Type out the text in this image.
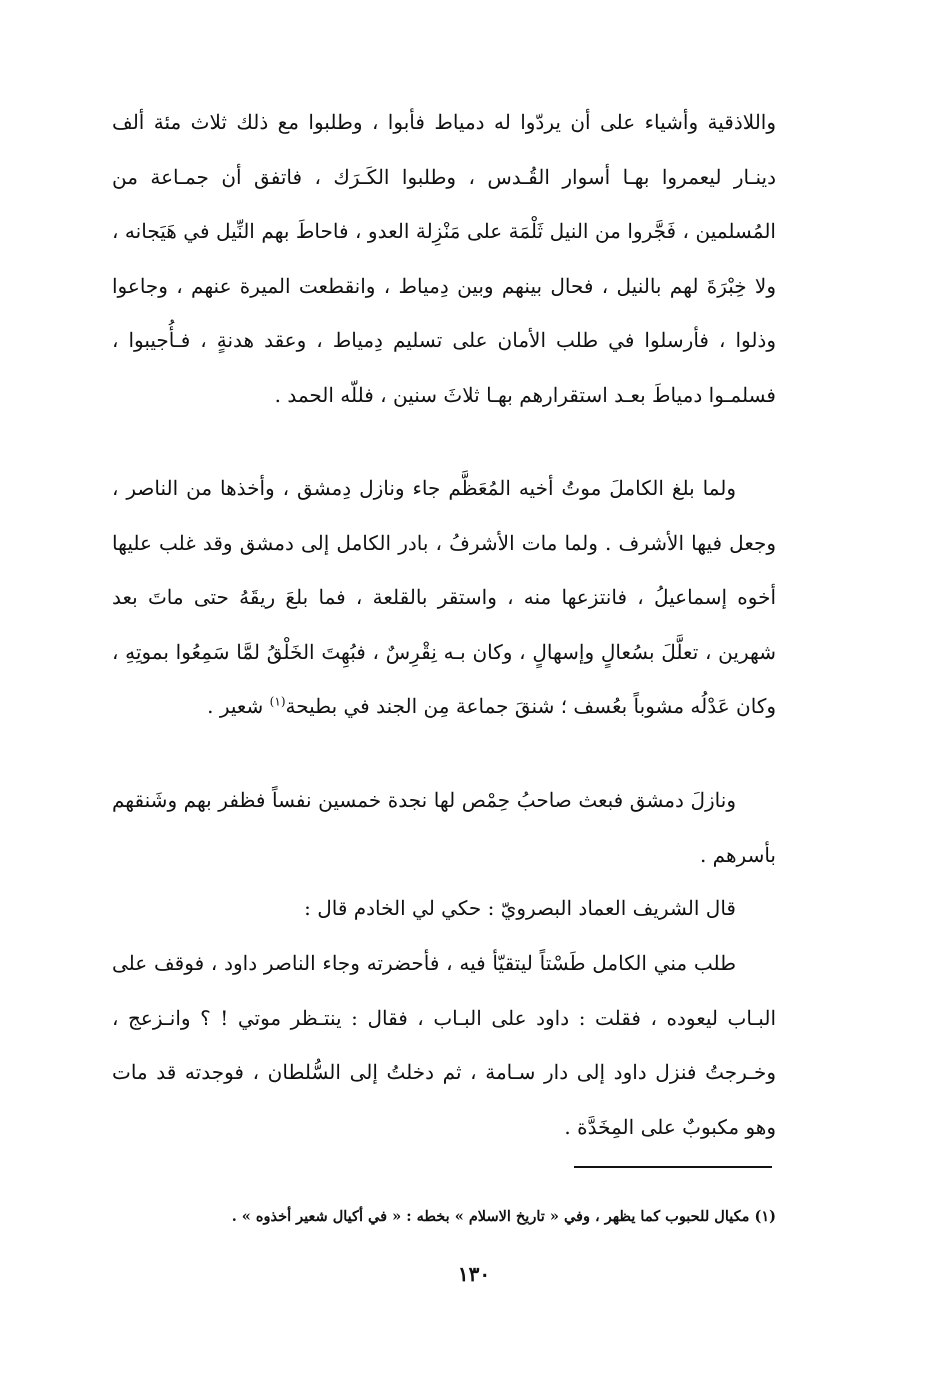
واللاذقية وأشياء على أن يردّوا له دمياط فأبوا ، وطلبوا مع ذلك ثلاث مئة ألف دينـار ليعمروا بهـا أسوار القُـدس ، وطلبوا الكَـرَك ، فاتفق أن جمـاعة من المُسلمين ، فَجَّروا من النيل ثَلْمَة على مَنْزِلة العدو ، فاحاطَ بهم النِّيل في هَيَجانه ، ولا خِبْرَةَ لهم بالنيل ، فحال بينهم وبين دِمياط ، وانقطعت الميرة عنهم ، وجاعوا وذلوا ، فأرسلوا في طلب الأمان على تسليم دِمياط ، وعقد هدنةٍ ، فـأُجيبوا ، فسلمـوا دمياطَ بعـد استقرارهم بهـا ثلاثَ سنين ، فللّه الحمد .

ولما بلغ الكاملَ موتُ أخيه المُعَظَّم جاء ونازل دِمشق ، وأخذها من الناصر ، وجعل فيها الأشرف . ولما مات الأشرفُ ، بادر الكامل إلى دمشق وقد غلب عليها أخوه إسماعيلُ ، فانتزعها منه ، واستقر بالقلعة ، فما بلعَ ريقَهُ حتى ماتَ بعد شهرين ، تعلَّلَ بسُعالٍ وإسهالٍ ، وكان بـه نِقْرِسٌ ، فبُهِتَ الخَلْقُ لمَّا سَمِعُوا بموتِهِ ، وكان عَدْلُه مشوباً بعُسف ؛ شنقَ جماعة مِن الجند في بطيحة$^{(١)}$ شعير .

ونازلَ دمشق فبعث صاحبُ حِمْص لها نجدة خمسين نفساً فظفر بهم وشَنقهم بأسرهم .

قال الشريف العماد البصرويّ : حكي لي الخادم قال :

طلب مني الكامل طَسْتاً ليتقيّأ فيه ، فأحضرته وجاء الناصر داود ، فوقف على البـاب ليعوده ، فقلت : داود على البـاب ، فقال : ينتـظر موتي ! ؟ وانـزعج ، وخـرجتُ فنزل داود إلى دار سـامة ، ثم دخلتُ إلى السُّلطان ، فوجدته قد مات وهو مكبوبٌ على المِخَدَّة .

(١) مكيال للحبوب كما يظهر ، وفي « تاريخ الاسلام » بخطه : « في أكيال شعير أخذوه » .
١٣٠
